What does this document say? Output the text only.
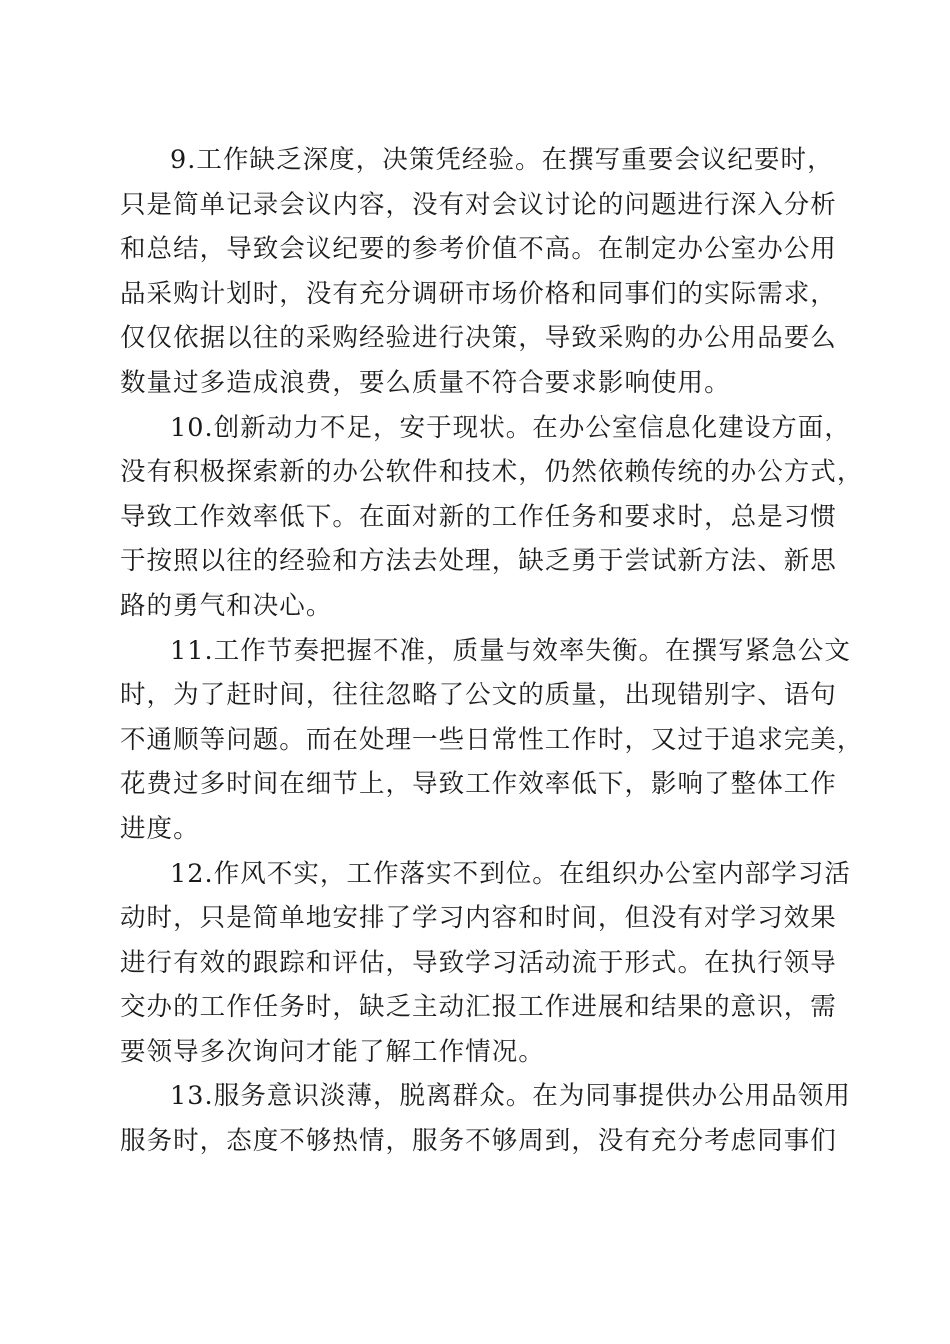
9.工作缺乏深度，决策凭经验。在撰写重要会议纪要时，
只是简单记录会议内容，没有对会议讨论的问题进行深入分析
和总结，导致会议纪要的参考价值不高。在制定办公室办公用
品采购计划时，没有充分调研市场价格和同事们的实际需求，
仅仅依据以往的采购经验进行决策，导致采购的办公用品要么
数量过多造成浪费，要么质量不符合要求影响使用。

10.创新动力不足，安于现状。在办公室信息化建设方面，
没有积极探索新的办公软件和技术，仍然依赖传统的办公方式，
导致工作效率低下。在面对新的工作任务和要求时，总是习惯
于按照以往的经验和方法去处理，缺乏勇于尝试新方法、新思
路的勇气和决心。

11.工作节奏把握不准，质量与效率失衡。在撰写紧急公文
时，为了赶时间，往往忽略了公文的质量，出现错别字、语句
不通顺等问题。而在处理一些日常性工作时，又过于追求完美，
花费过多时间在细节上，导致工作效率低下，影响了整体工作
进度。

12.作风不实，工作落实不到位。在组织办公室内部学习活
动时，只是简单地安排了学习内容和时间，但没有对学习效果
进行有效的跟踪和评估，导致学习活动流于形式。在执行领导
交办的工作任务时，缺乏主动汇报工作进展和结果的意识，需
要领导多次询问才能了解工作情况。

13.服务意识淡薄，脱离群众。在为同事提供办公用品领用
服务时，态度不够热情，服务不够周到，没有充分考虑同事们
